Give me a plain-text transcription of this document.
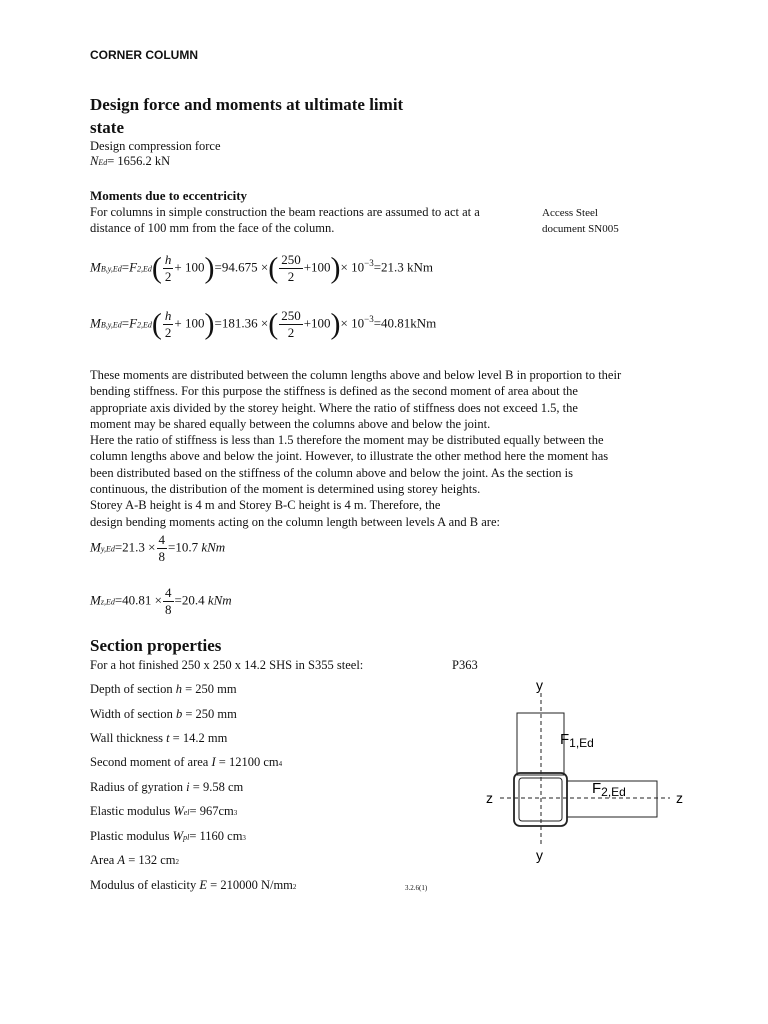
CORNER COLUMN
Design force and moments at ultimate limit
state
Design compression force
NEd= 1656.2 kN
Moments due to eccentricity
For columns in simple construction the beam reactions are assumed to act at a
distance of 100 mm from the face of the column.
Access Steel
document SN005
$MB,y,Ed=F2,Ed( \frac{h}{2} + 100)=94.675$ ×( $\frac{250}{2} +100)\times 10^{-3}=21.3$ kNm
$MB,y,Ed=F2,Ed( \frac{h}{2} + 100)=181.36$ ×( $\frac{250}{2} +100)\times 10^{-3}=40.81kNm$
These moments are distributed between the column lengths above and below level B in proportion to their
bending stiffness. For this purpose the stiffness is defined as the second moment of area about the
appropriate axis divided by the storey height. Where the ratio of stiffness does not exceed 1.5, the
moment may be shared equally between the columns above and below the joint.
Here the ratio of stiffness is less than 1.5 therefore the moment may be distributed equally between the
column lengths above and below the joint. However, to illustrate the other method here the moment has
been distributed based on the stiffness of the column above and below the joint. As the section is
continuous, the distribution of the moment is determined using storey heights.
Storey A-B height is 4 m and Storey B-C height is 4 m. Therefore, the
design bending moments acting on the column length between levels A and B are:
$My,Ed=21.3 \times \frac{4}{8} =10.7$ kNm
$Mz,Ed=40.81 \times \frac{4}{8} =20.4$ kNm
Section properties
For a hot finished 250 x 250 x 14.2 SHS in S355 steel:	P363
Depth of section h = 250 mm
Width of section b = 250 mm
Wall thickness t = 14.2 mm
Second moment of area I = 12100 cm4
Radius of gyration i = 9.58 cm
Elastic modulus Wel= 967cm3
Plastic modulus Wpl= 1160 cm3
Area A = 132 cm2
Modulus of elasticity E = 210000 N/mm2	3.2.6(1)
y
y
z	z
$F_{1,Ed}$
$F_{2,Ed}$
